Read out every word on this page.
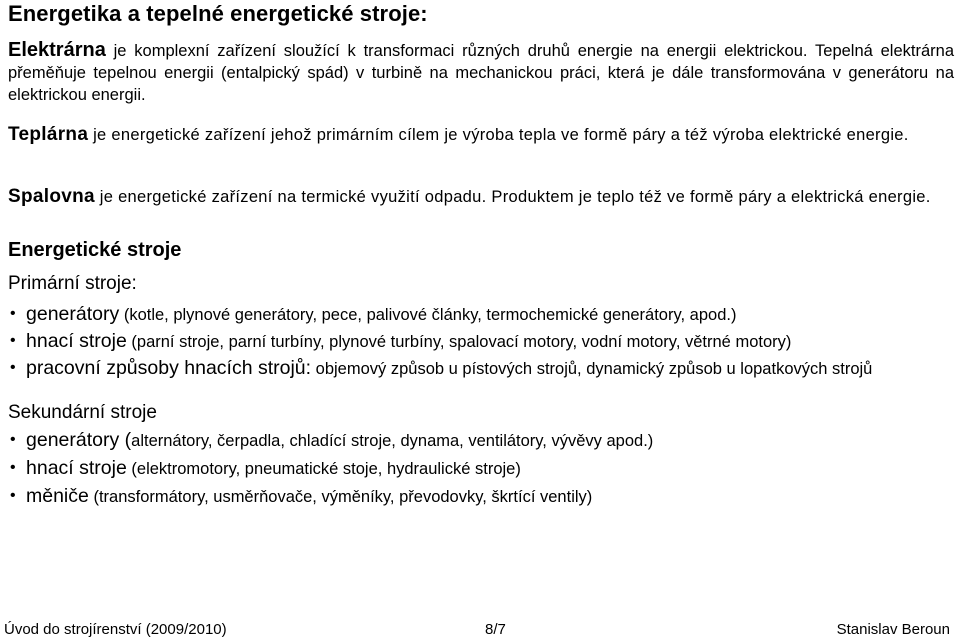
Energetika a tepelné energetické stroje:

Elektrárna je komplexní zařízení sloužící k transformaci různých druhů energie na energii elektrickou. Tepelná elektrárna přeměňuje tepelnou energii (entalpický spád) v turbině na mechanickou práci, která je dále transformována v generátoru na elektrickou energii.

Teplárna je energetické zařízení jehož primárním cílem je výroba tepla ve formě páry a též výroba elektrické energie.

Spalovna je energetické zařízení na termické využití odpadu. Produktem je teplo též ve formě páry a elektrická energie.

Energetické stroje
Primární stroje:
• generátory (kotle, plynové generátory, pece, palivové články, termochemické generátory, apod.)
• hnací stroje (parní stroje, parní turbíny, plynové turbíny, spalovací motory, vodní motory, větrné motory)
• pracovní způsoby hnacích strojů: objemový způsob u pístových strojů, dynamický způsob u lopatkových strojů
Sekundární stroje
• generátory (alternátory, čerpadla, chladící stroje, dynama, ventilátory, vývěvy apod.)
• hnací stroje (elektromotory, pneumatické stoje, hydraulické stroje)
• měniče (transformátory, usměrňovače, výměníky, převodovky, škrtící ventily)
Úvod do strojírenství (2009/2010)	8/7	Stanislav Beroun
